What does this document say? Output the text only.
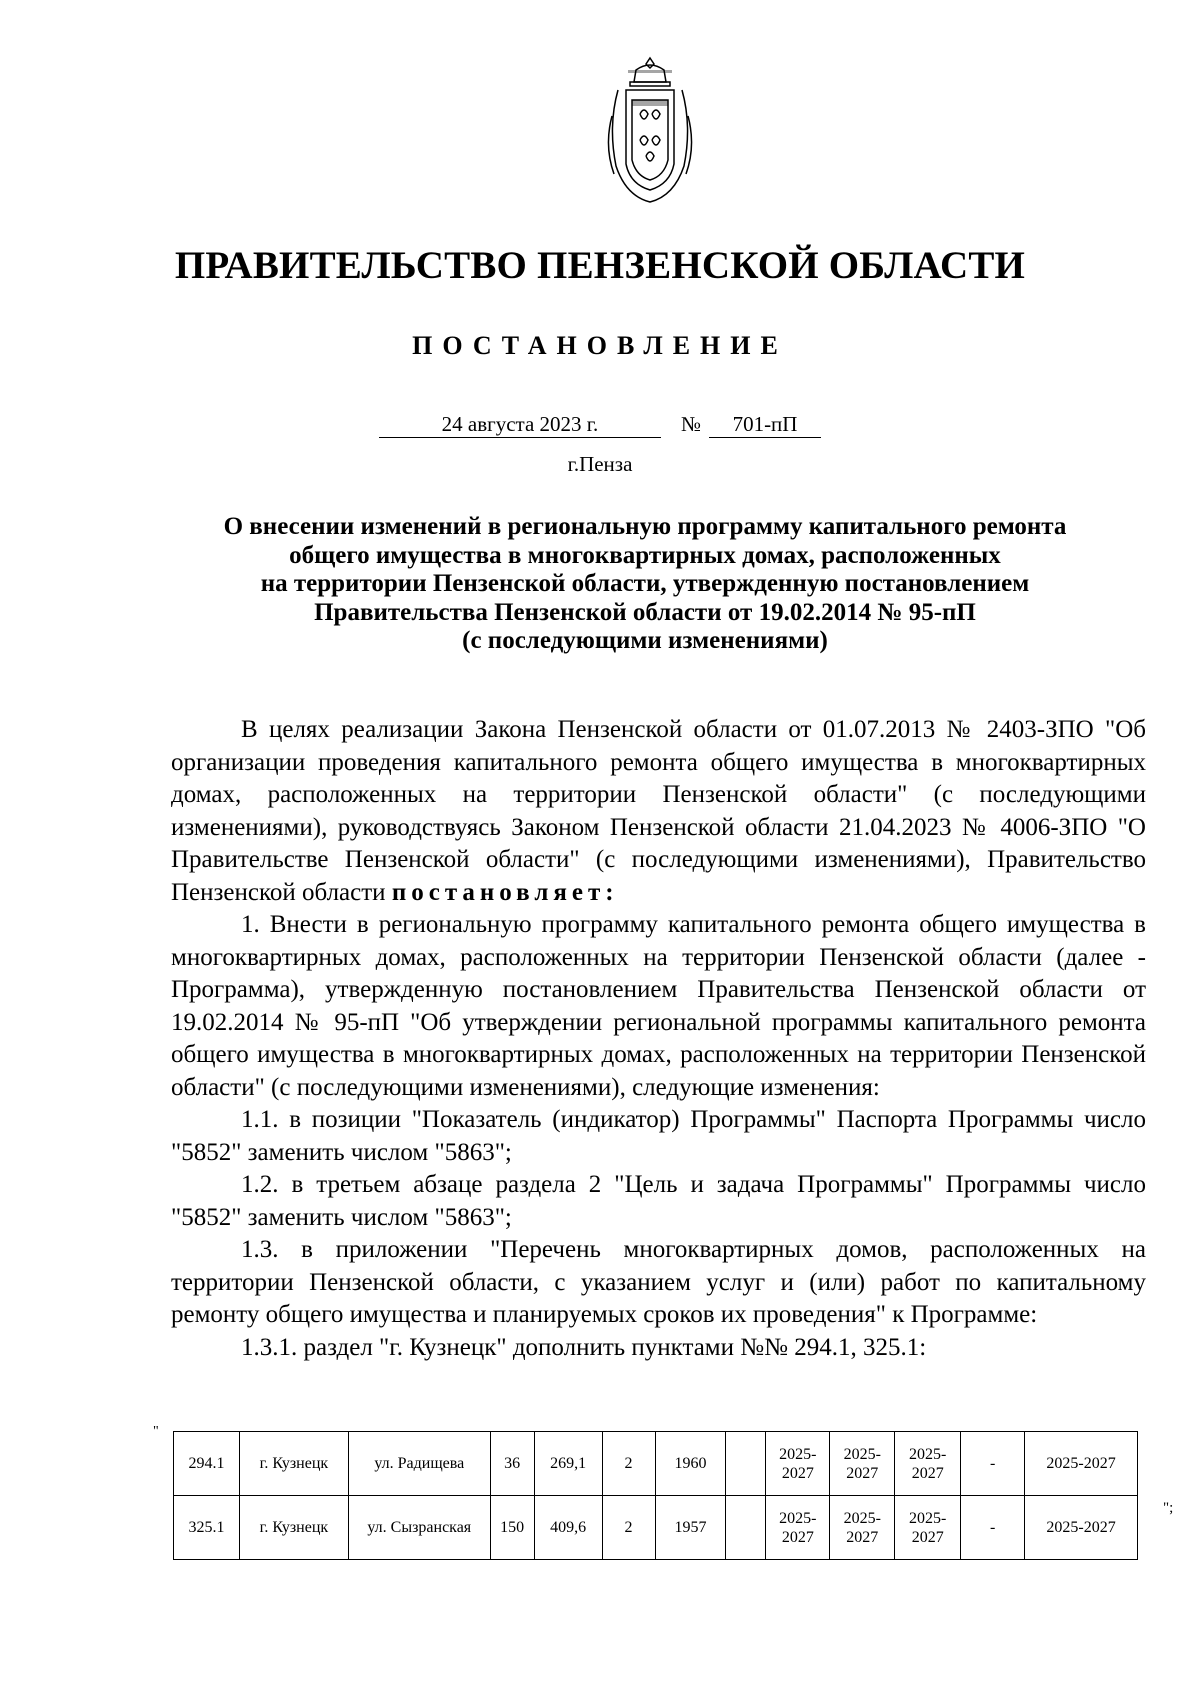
ПРАВИТЕЛЬСТВО ПЕНЗЕНСКОЙ ОБЛАСТИ
ПОСТАНОВЛЕНИЕ
24 августа 2023 г.	№ 701-пП
г.Пенза
О внесении изменений в региональную программу капитального ремонта
общего имущества в многоквартирных домах, расположенных
на территории Пензенской области, утвержденную постановлением
Правительства Пензенской области от 19.02.2014 № 95-пП
(с последующими изменениями)

В целях реализации Закона Пензенской области от 01.07.2013 № 2403-ЗПО "Об организации проведения капитального ремонта общего имущества в многоквартирных домах, расположенных на территории Пензенской области" (с последующими изменениями), руководствуясь Законом Пензенской области 21.04.2023 № 4006-ЗПО "О Правительстве Пензенской области" (с последующими изменениями), Правительство Пензенской области постановляет:

1. Внести в региональную программу капитального ремонта общего имущества в многоквартирных домах, расположенных на территории Пензенской области (далее - Программа), утвержденную постановлением Правительства Пензенской области от 19.02.2014 № 95-пП "Об утверждении региональной программы капитального ремонта общего имущества в многоквартирных домах, расположенных на территории Пензенской области" (с последующими изменениями), следующие изменения:

1.1. в позиции "Показатель (индикатор) Программы" Паспорта Программы число "5852" заменить числом "5863";

1.2. в третьем абзаце раздела 2 "Цель и задача Программы" Программы число "5852" заменить числом "5863";

1.3. в приложении "Перечень многоквартирных домов, расположенных на территории Пензенской области, с указанием услуг и (или) работ по капитальному ремонту общего имущества и планируемых сроков их проведения" к Программе:

1.3.1. раздел "г. Кузнецк" дополнить пунктами №№ 294.1, 325.1:

"
294.1	г. Кузнецк	ул. Радищева	36	269,1	2	1960		2025-2027	2025-2027	2025-2027	-	2025-2027
325.1	г. Кузнецк	ул. Сызранская	150	409,6	2	1957		2025-2027	2025-2027	2025-2027	-	2025-2027
";
